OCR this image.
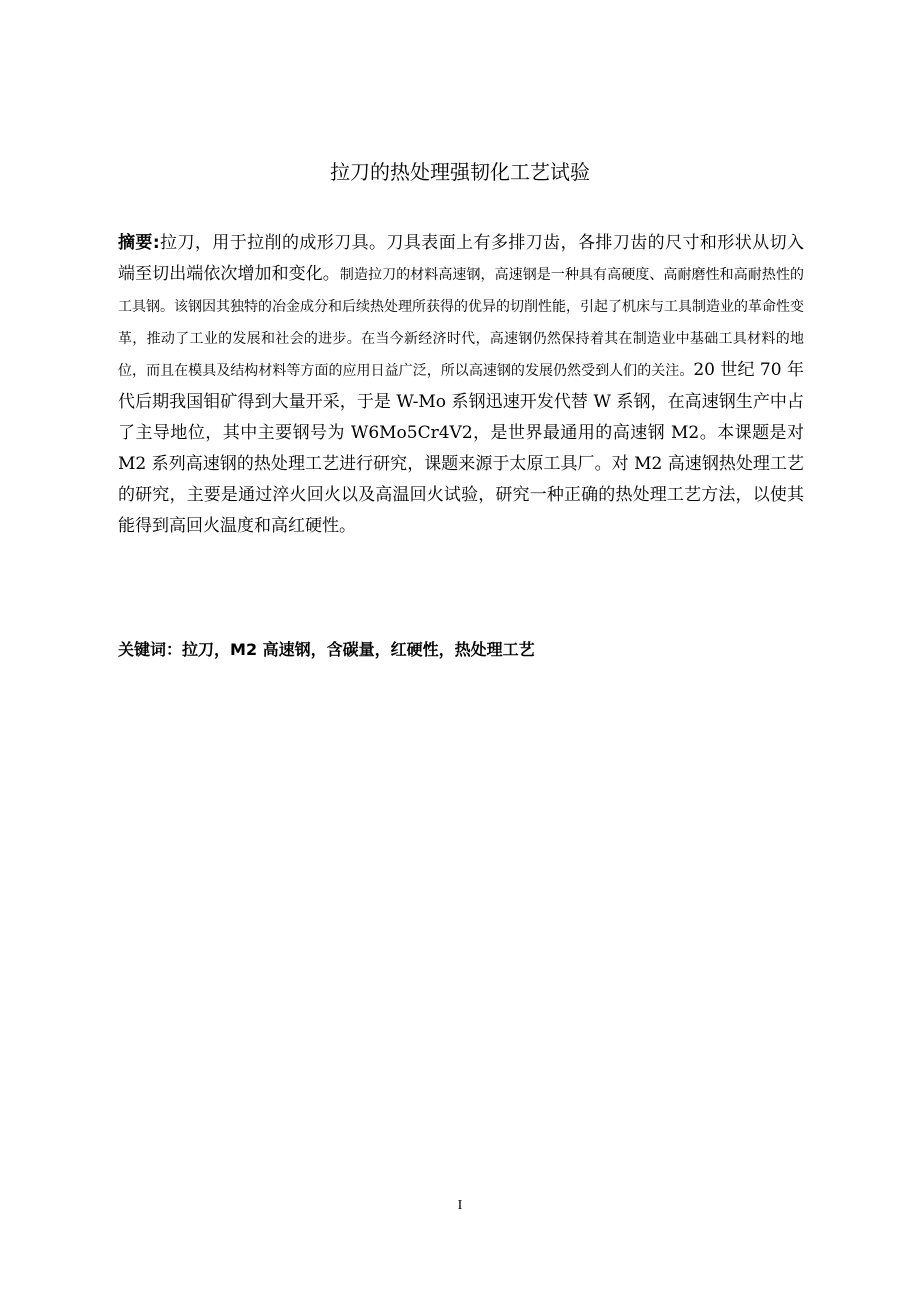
拉刀的热处理强韧化工艺试验

摘要:拉刀，用于拉削的成形刀具。刀具表面上有多排刀齿，各排刀齿的尺寸和形状从切入端至切出端依次增加和变化。制造拉刀的材料高速钢，高速钢是一种具有高硬度、高耐磨性和高耐热性的工具钢。该钢因其独特的冶金成分和后续热处理所获得的优异的切削性能，引起了机床与工具制造业的革命性变革，推动了工业的发展和社会的进步。在当今新经济时代，高速钢仍然保持着其在制造业中基础工具材料的地位，而且在模具及结构材料等方面的应用日益广泛，所以高速钢的发展仍然受到人们的关注。20 世纪 70 年代后期我国钼矿得到大量开采，于是 W-Mo 系钢迅速开发代替 W 系钢，在高速钢生产中占了主导地位，其中主要钢号为 W6Mo5Cr4V2，是世界最通用的高速钢 M2。本课题是对 M2 系列高速钢的热处理工艺进行研究，课题来源于太原工具厂。对 M2 高速钢热处理工艺的研究，主要是通过淬火回火以及高温回火试验，研究一种正确的热处理工艺方法，以使其能得到高回火温度和高红硬性。

关键词：拉刀，M2 高速钢，含碳量，红硬性，热处理工艺

I
